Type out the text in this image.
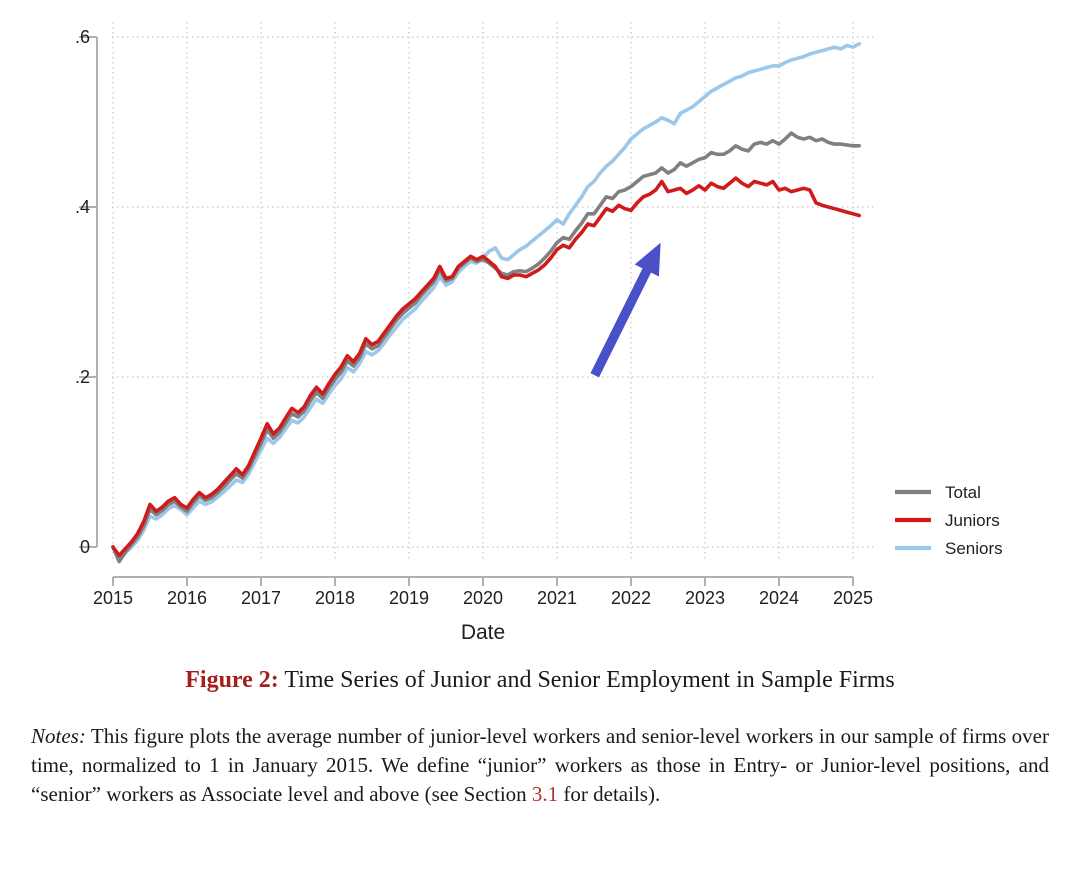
0
.2
.4
.6
2015 2016 2017 2018 2019 2020 2021 2022 2023 2024 2025
Date
Total
Juniors
Seniors
Figure 2: Time Series of Junior and Senior Employment in Sample Firms
Notes: This figure plots the average number of junior-level workers and senior-level workers in our sample of firms over time, normalized to 1 in January 2015. We define “junior” workers as those in Entry- or Junior-level positions, and “senior” workers as Associate level and above (see Section 3.1 for details).
